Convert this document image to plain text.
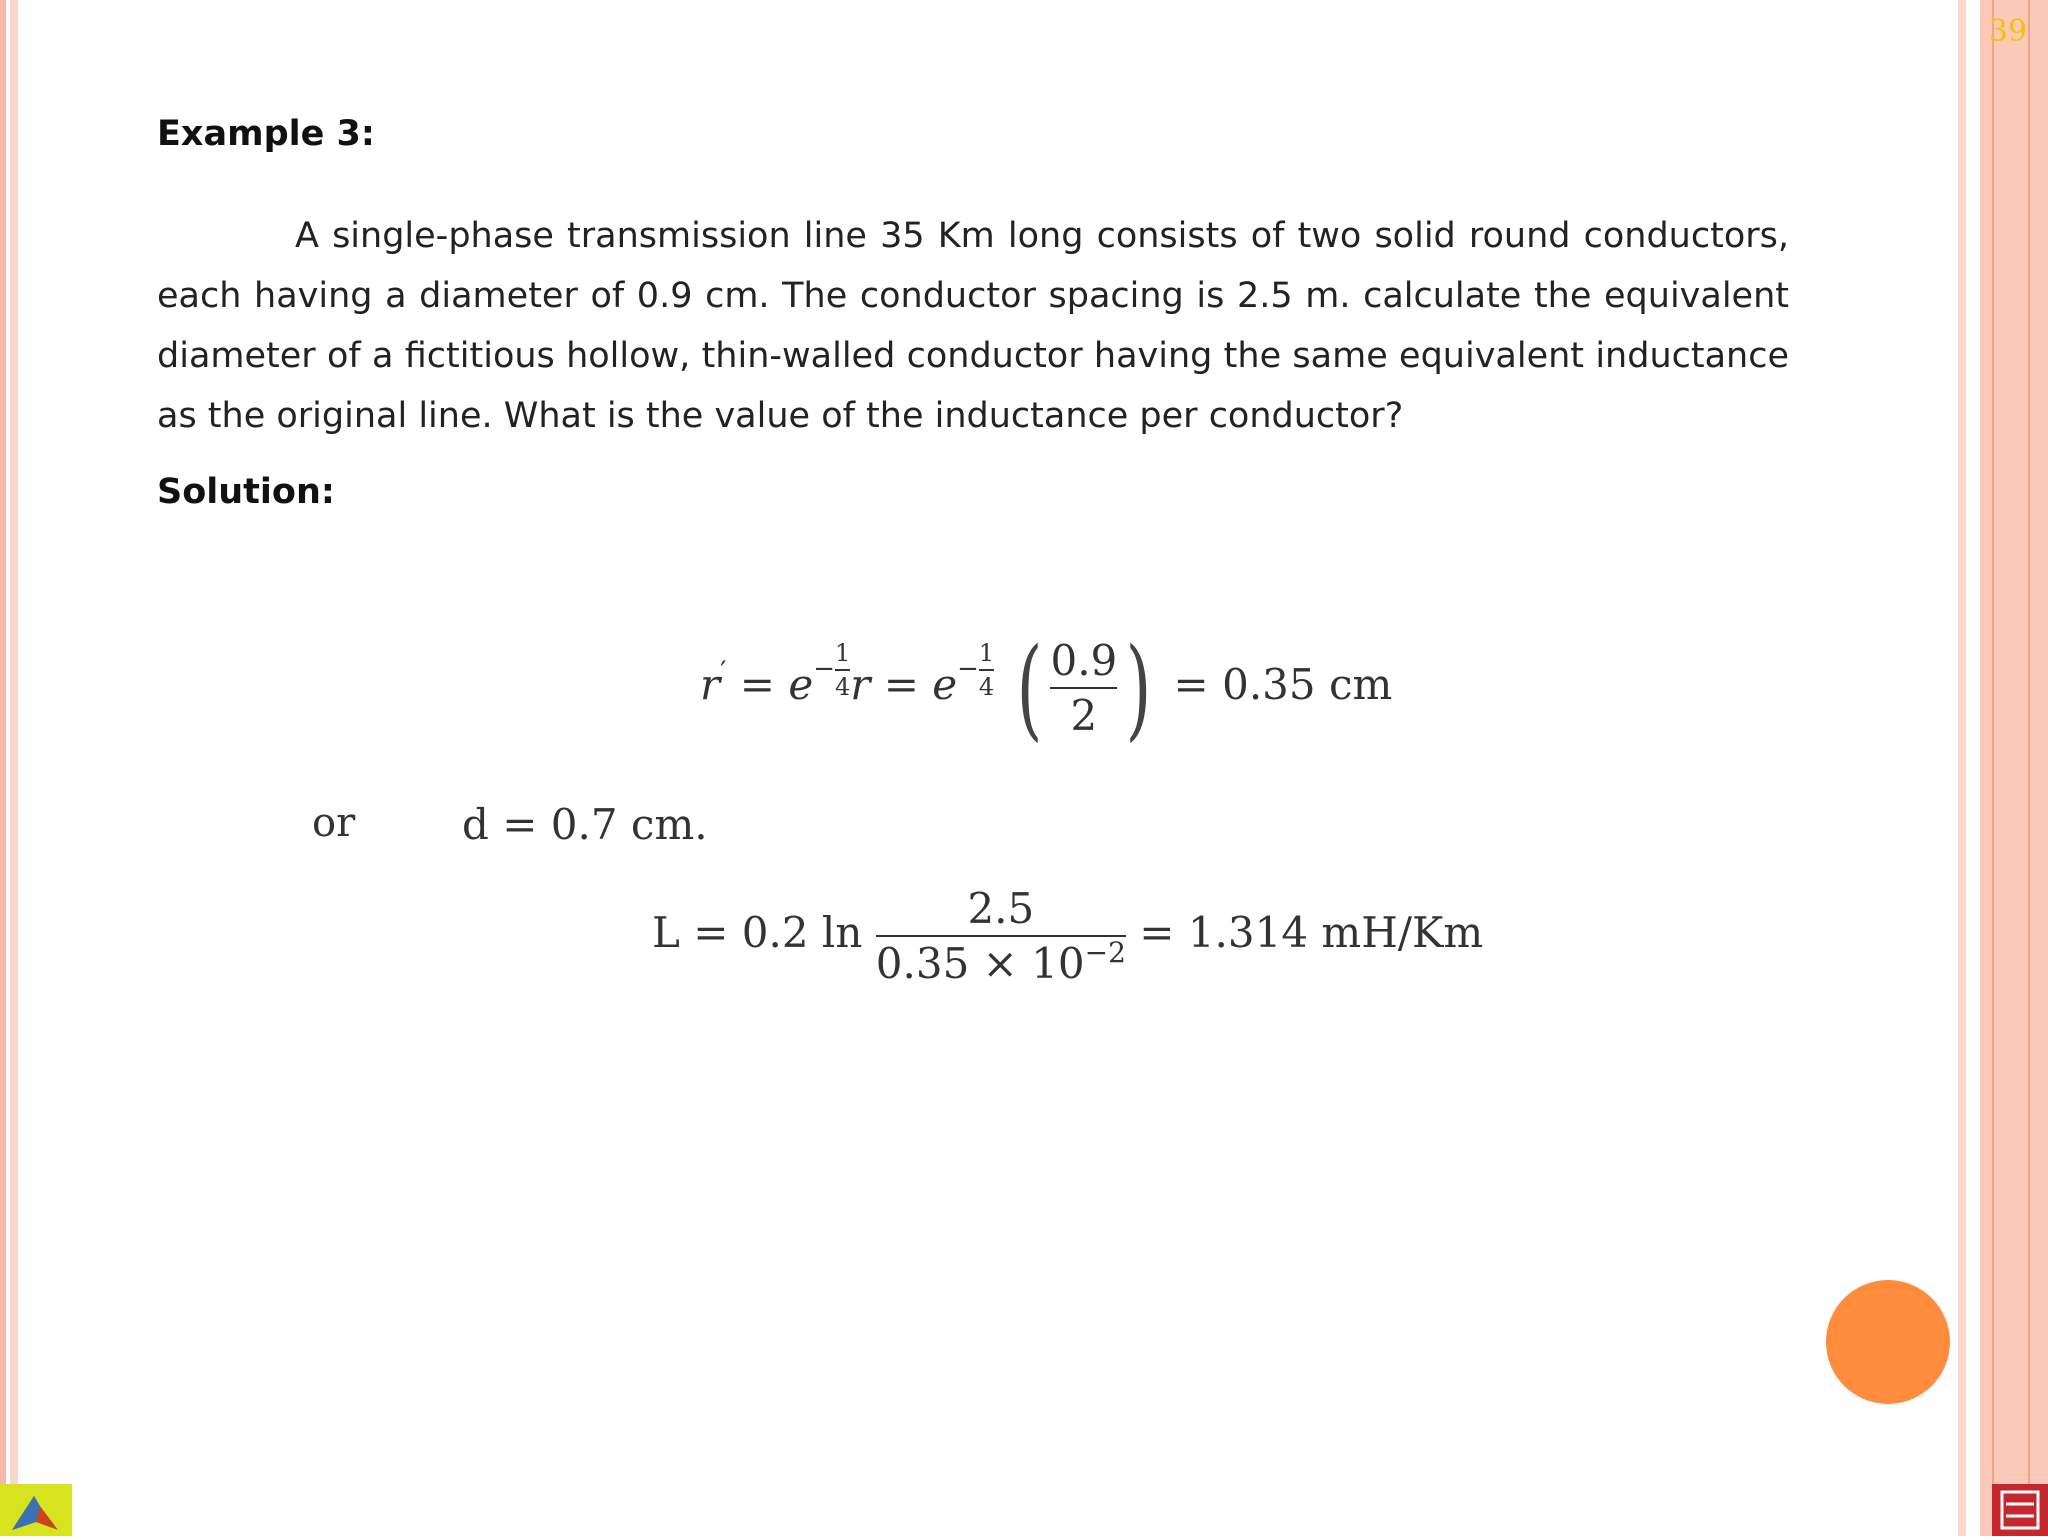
39
Example 3:
A single-phase transmission line 35 Km long consists of two solid round conductors, each having a diameter of 0.9 cm. The conductor spacing is 2.5 m. calculate the equivalent diameter of a fictitious hollow, thin-walled conductor having the same equivalent inductance as the original line. What is the value of the inductance per conductor?
Solution:
$r' = e^{- \frac{1}{4}}$ $r = e^{- \frac{1}{4}}$ ( $\frac{0.9}{2}$ ) = 0.35 cm
or	d = 0.7 cm.
L = 0.2 $\ln \frac{2.5}{0.35 \times 10^{-2}} = 1.314$ mH/Km
